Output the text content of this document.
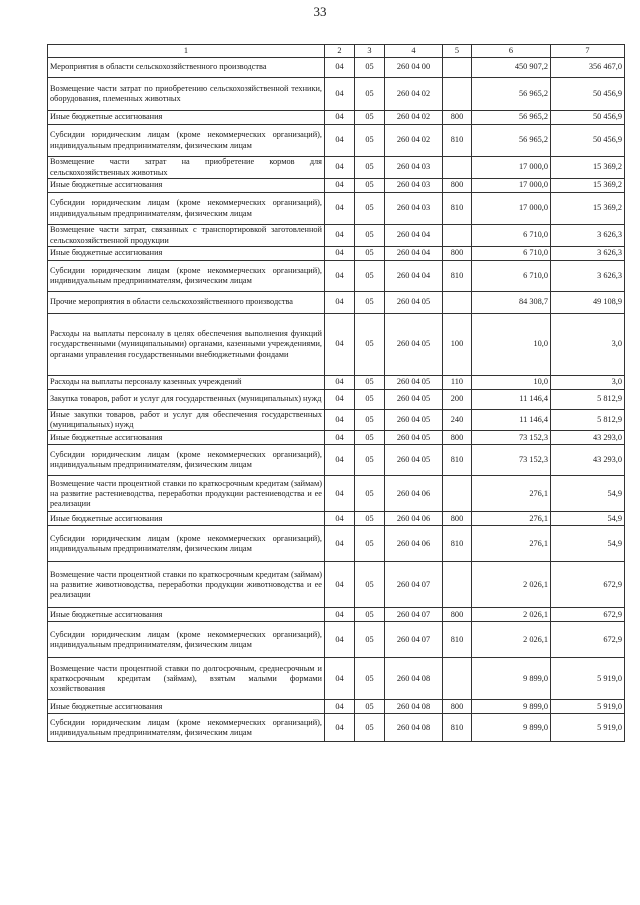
33
1	2	3	4	5	6	7
Мероприятия в области сельскохозяйственного производства	04	05	260 04 00		450 907,2	356 467,0
Возмещение части затрат по приобретению сельскохозяйственной техники, оборудования, племенных животных	04	05	260 04 02		56 965,2	50 456,9
Иные бюджетные ассигнования	04	05	260 04 02	800	56 965,2	50 456,9
Субсидии юридическим лицам (кроме некоммерческих организаций), индивидуальным предпринимателям, физическим лицам	04	05	260 04 02	810	56 965,2	50 456,9
Возмещение части затрат на приобретение кормов для сельскохозяйственных животных	04	05	260 04 03		17 000,0	15 369,2
Иные бюджетные ассигнования	04	05	260 04 03	800	17 000,0	15 369,2
Субсидии юридическим лицам (кроме некоммерческих организаций), индивидуальным предпринимателям, физическим лицам	04	05	260 04 03	810	17 000,0	15 369,2
Возмещение части затрат, связанных с транспортировкой заготовленной сельскохозяйственной продукции	04	05	260 04 04		6 710,0	3 626,3
Иные бюджетные ассигнования	04	05	260 04 04	800	6 710,0	3 626,3
Субсидии юридическим лицам (кроме некоммерческих организаций), индивидуальным предпринимателям, физическим лицам	04	05	260 04 04	810	6 710,0	3 626,3
Прочие мероприятия в области сельскохозяйственного производства	04	05	260 04 05		84 308,7	49 108,9
Расходы на выплаты персоналу в целях обеспечения выполнения функций государственными (муниципальными) органами, казенными учреждениями, органами управления государственными внебюджетными фондами	04	05	260 04 05	100	10,0	3,0
Расходы на выплаты персоналу казенных учреждений	04	05	260 04 05	110	10,0	3,0
Закупка товаров, работ и услуг для государственных (муниципальных) нужд	04	05	260 04 05	200	11 146,4	5 812,9
Иные закупки товаров, работ и услуг для обеспечения государственных (муниципальных) нужд	04	05	260 04 05	240	11 146,4	5 812,9
Иные бюджетные ассигнования	04	05	260 04 05	800	73 152,3	43 293,0
Субсидии юридическим лицам (кроме некоммерческих организаций), индивидуальным предпринимателям, физическим лицам	04	05	260 04 05	810	73 152,3	43 293,0
Возмещение части процентной ставки по краткосрочным кредитам (займам) на развитие растениеводства, переработки продукции растениеводства и ее реализации	04	05	260 04 06		276,1	54,9
Иные бюджетные ассигнования	04	05	260 04 06	800	276,1	54,9
Субсидии юридическим лицам (кроме некоммерческих организаций), индивидуальным предпринимателям, физическим лицам	04	05	260 04 06	810	276,1	54,9
Возмещение части процентной ставки по краткосрочным кредитам (займам) на развитие животноводства, переработки продукции животноводства и ее реализации	04	05	260 04 07		2 026,1	672,9
Иные бюджетные ассигнования	04	05	260 04 07	800	2 026,1	672,9
Субсидии юридическим лицам (кроме некоммерческих организаций), индивидуальным предпринимателям, физическим лицам	04	05	260 04 07	810	2 026,1	672,9
Возмещение части процентной ставки по долгосрочным, среднесрочным и краткосрочным кредитам (займам), взятым малыми формами хозяйствования	04	05	260 04 08		9 899,0	5 919,0
Иные бюджетные ассигнования	04	05	260 04 08	800	9 899,0	5 919,0
Субсидии юридическим лицам (кроме некоммерческих организаций), индивидуальным предпринимателям, физическим лицам	04	05	260 04 08	810	9 899,0	5 919,0
